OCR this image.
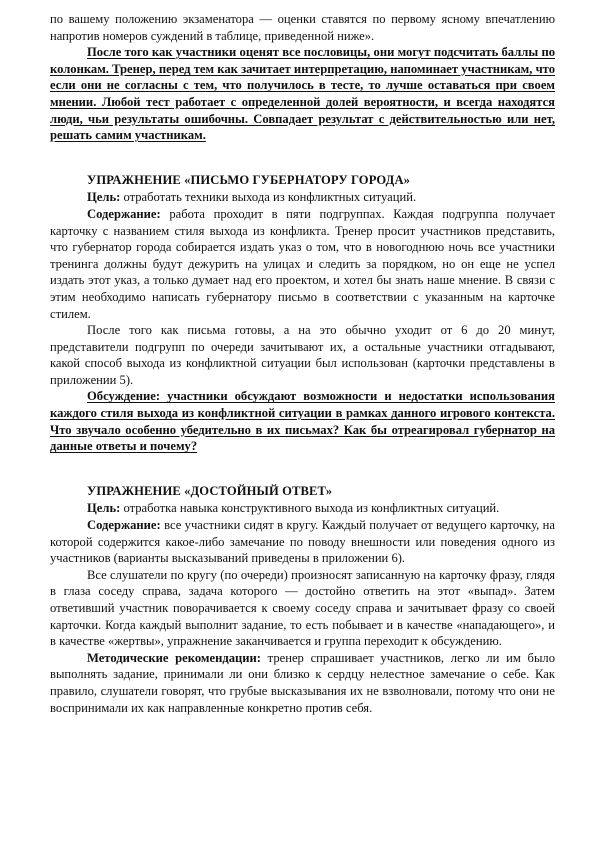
по вашему положению экзаменатора — оценки ставятся по первому ясному впечатлению напротив номеров суждений в таблице, приведенной ниже».

После того как участники оценят все пословицы, они могут подсчитать баллы по колонкам. Тренер, перед тем как зачитает интерпретацию, напоминает участникам, что если они не согласны с тем, что получилось в тесте, то лучше оставаться при своем мнении. Любой тест работает с определенной долей вероятности, и всегда находятся люди, чьи результаты ошибочны. Совпадает результат с действительностью или нет, решать самим участникам.

УПРАЖНЕНИЕ «ПИСЬМО ГУБЕРНАТОРУ ГОРОДА»

Цель: отработать техники выхода из конфликтных ситуаций.

Содержание: работа проходит в пяти подгруппах. Каждая подгруппа получает карточку с названием стиля выхода из конфликта. Тренер просит участников представить, что губернатор города собирается издать указ о том, что в новогоднюю ночь все участники тренинга должны будут дежурить на улицах и следить за порядком, но он еще не успел издать этот указ, а только думает над его проектом, и хотел бы знать наше мнение. В связи с этим необходимо написать губернатору письмо в соответствии с указанным на карточке стилем.

После того как письма готовы, а на это обычно уходит от 6 до 20 минут, представители подгрупп по очереди зачитывают их, а остальные участники отгадывают, какой способ выхода из конфликтной ситуации был использован (карточки представлены в приложении 5).

Обсуждение: участники обсуждают возможности и недостатки использования каждого стиля выхода из конфликтной ситуации в рамках данного игрового контекста. Что звучало особенно убедительно в их письмах? Как бы отреагировал губернатор на данные ответы и почему?

УПРАЖНЕНИЕ «ДОСТОЙНЫЙ ОТВЕТ»

Цель: отработка навыка конструктивного выхода из конфликтных ситуаций.

Содержание: все участники сидят в кругу. Каждый получает от ведущего карточку, на которой содержится какое-либо замечание по поводу внешности или поведения одного из участников (варианты высказываний приведены в приложении 6).

Все слушатели по кругу (по очереди) произносят записанную на карточку фразу, глядя в глаза соседу справа, задача которого — достойно ответить на этот «выпад». Затем ответивший участник поворачивается к своему соседу справа и зачитывает фразу со своей карточки. Когда каждый выполнит задание, то есть побывает и в качестве «нападающего», и в качестве «жертвы», упражнение заканчивается и группа переходит к обсуждению.

Методические рекомендации: тренер спрашивает участников, легко ли им было выполнять задание, принимали ли они близко к сердцу нелестное замечание о себе. Как правило, слушатели говорят, что грубые высказывания их не взволновали, потому что они не воспринимали их как направленные конкретно против себя.
